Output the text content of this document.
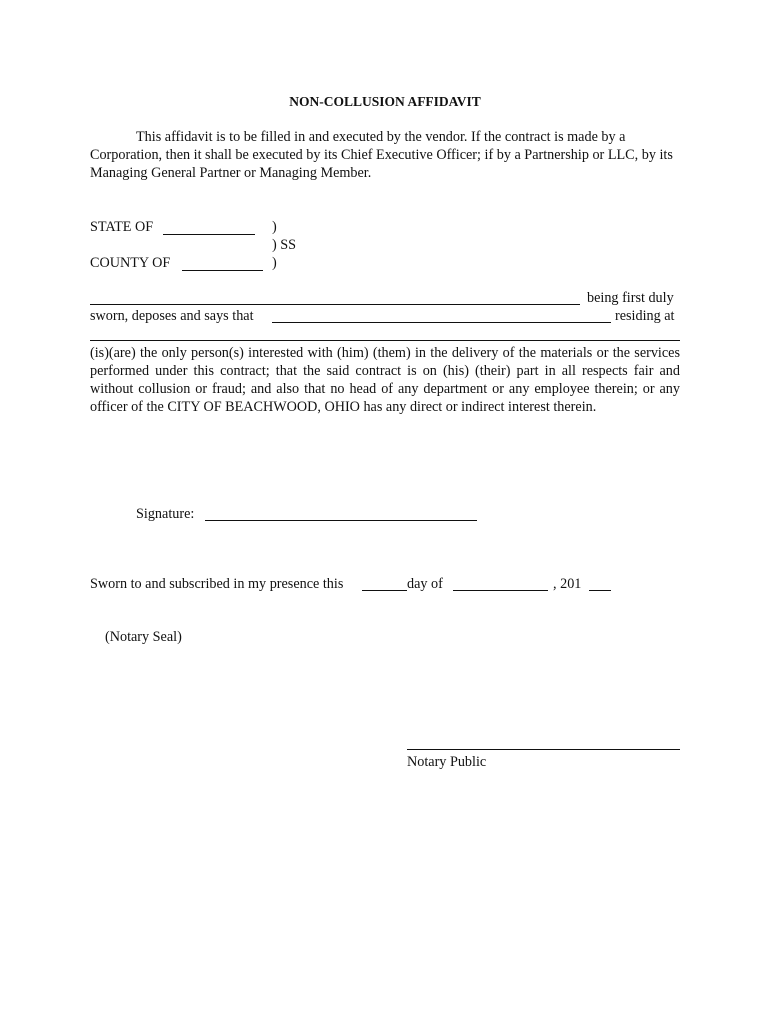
NON-COLLUSION AFFIDAVIT
This affidavit is to be filled in and executed by the vendor. If the contract is made by a Corporation, then it shall be executed by its Chief Executive Officer; if by a Partnership or LLC, by its Managing General Partner or Managing Member.
STATE OF	)
) SS
COUNTY OF	)
being first duly
sworn, deposes and says that	residing at
(is)(are) the only person(s) interested with (him) (them) in the delivery of the materials or the services performed under this contract; that the said contract is on (his) (their) part in all respects fair and without collusion or fraud; and also that no head of any department or any employee therein; or any officer of the CITY OF BEACHWOOD, OHIO has any direct or indirect interest therein.
Signature:
Sworn to and subscribed in my presence this	day of	, 201
(Notary Seal)
Notary Public
